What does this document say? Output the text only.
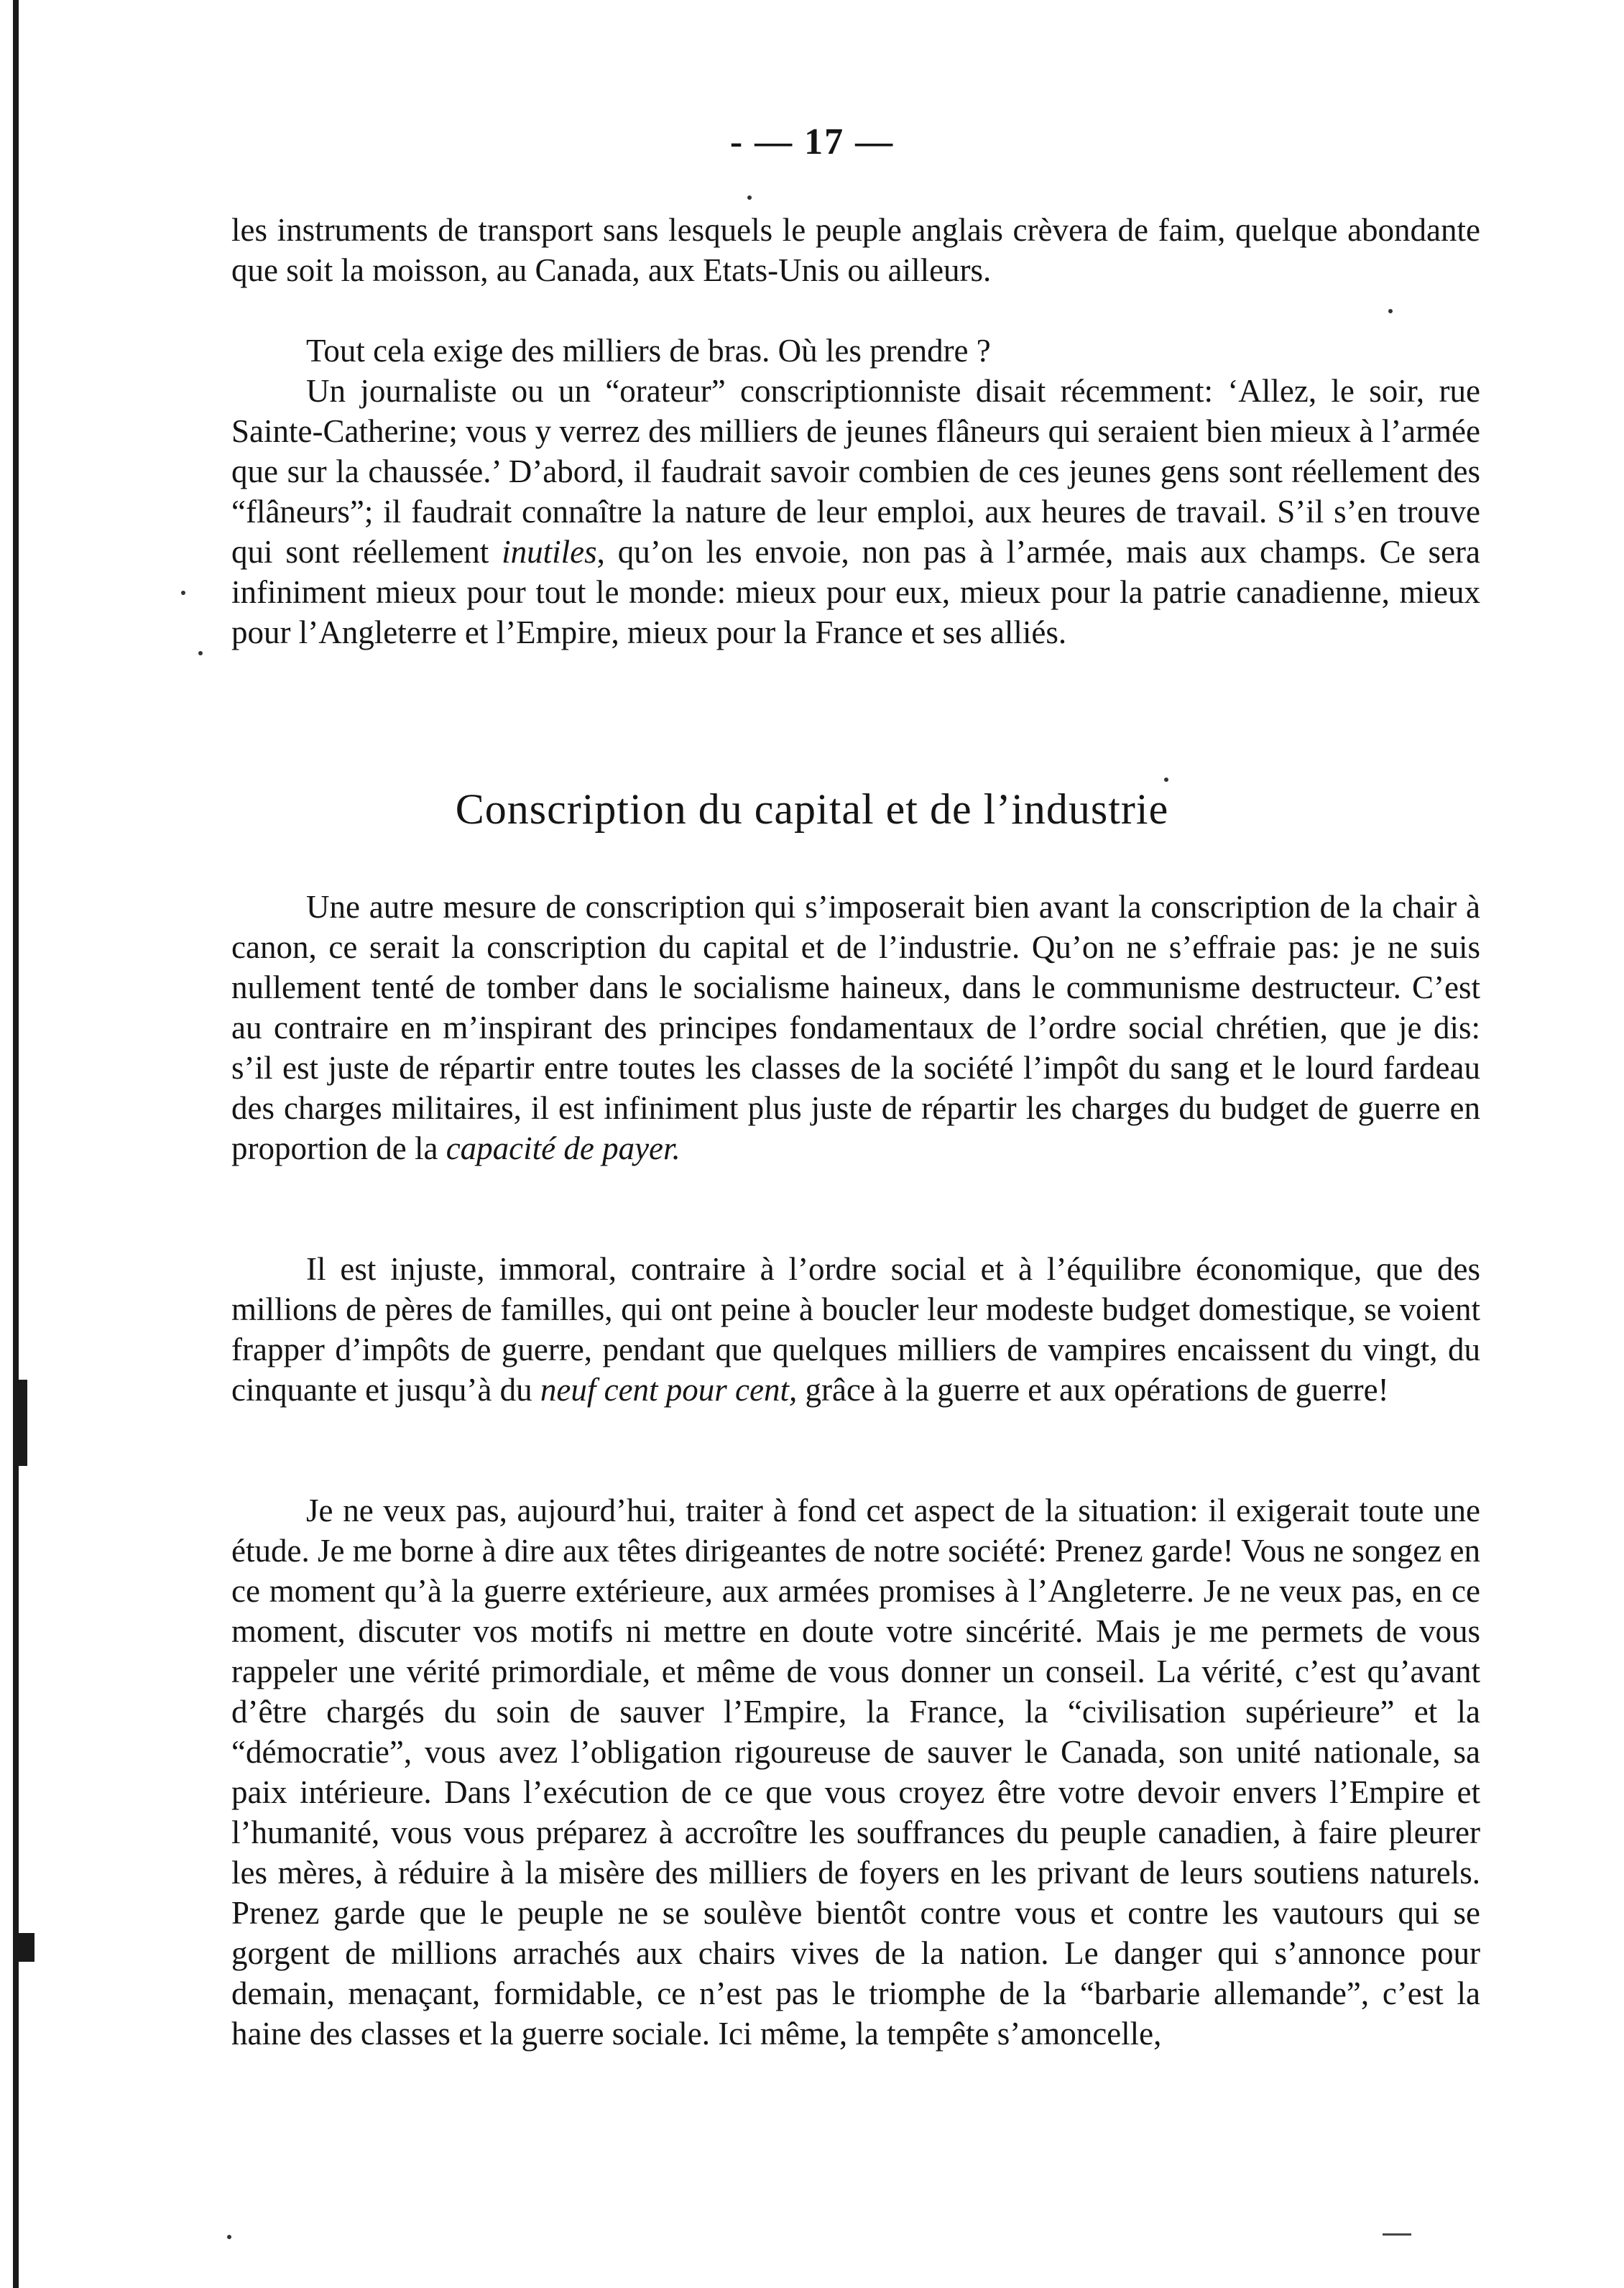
- — 17 —

les instruments de transport sans lesquels le peuple anglais crèvera de faim, quelque abondante que soit la moisson, au Canada, aux Etats-Unis ou ailleurs.

Tout cela exige des milliers de bras. Où les prendre ?

Un journaliste ou un “orateur” conscriptionniste disait récemment: ‘Allez, le soir, rue Sainte-Catherine; vous y verrez des milliers de jeunes flâneurs qui seraient bien mieux à l’armée que sur la chaussée.’ D’abord, il faudrait savoir combien de ces jeunes gens sont réellement des “flâneurs”; il faudrait connaître la nature de leur emploi, aux heures de travail. S’il s’en trouve qui sont réellement inutiles, qu’on les envoie, non pas à l’armée, mais aux champs. Ce sera infiniment mieux pour tout le monde: mieux pour eux, mieux pour la patrie canadienne, mieux pour l’Angleterre et l’Empire, mieux pour la France et ses alliés.

Conscription du capital et de l’industrie

Une autre mesure de conscription qui s’imposerait bien avant la conscription de la chair à canon, ce serait la conscription du capital et de l’industrie. Qu’on ne s’effraie pas: je ne suis nullement tenté de tomber dans le socialisme haineux, dans le communisme destructeur. C’est au contraire en m’inspirant des principes fondamentaux de l’ordre social chrétien, que je dis: s’il est juste de répartir entre toutes les classes de la société l’impôt du sang et le lourd fardeau des charges militaires, il est infiniment plus juste de répartir les charges du budget de guerre en proportion de la capacité de payer.

Il est injuste, immoral, contraire à l’ordre social et à l’équilibre économique, que des millions de pères de familles, qui ont peine à boucler leur modeste budget domestique, se voient frapper d’impôts de guerre, pendant que quelques milliers de vampires encaissent du vingt, du cinquante et jusqu’à du neuf cent pour cent, grâce à la guerre et aux opérations de guerre!

Je ne veux pas, aujourd’hui, traiter à fond cet aspect de la situation: il exigerait toute une étude. Je me borne à dire aux têtes dirigeantes de notre société: Prenez garde! Vous ne songez en ce moment qu’à la guerre extérieure, aux armées promises à l’Angleterre. Je ne veux pas, en ce moment, discuter vos motifs ni mettre en doute votre sincérité. Mais je me permets de vous rappeler une vérité primordiale, et même de vous donner un conseil. La vérité, c’est qu’avant d’être chargés du soin de sauver l’Empire, la France, la “civilisation supérieure” et la “démocratie”, vous avez l’obligation rigoureuse de sauver le Canada, son unité nationale, sa paix intérieure. Dans l’exécution de ce que vous croyez être votre devoir envers l’Empire et l’humanité, vous vous préparez à accroître les souffrances du peuple canadien, à faire pleurer les mères, à réduire à la misère des milliers de foyers en les privant de leurs soutiens naturels. Prenez garde que le peuple ne se soulève bientôt contre vous et contre les vautours qui se gorgent de millions arrachés aux chairs vives de la nation. Le danger qui s’annonce pour demain, menaçant, formidable, ce n’est pas le triomphe de la “barbarie allemande”, c’est la haine des classes et la guerre sociale. Ici même, la tempête s’amoncelle,
